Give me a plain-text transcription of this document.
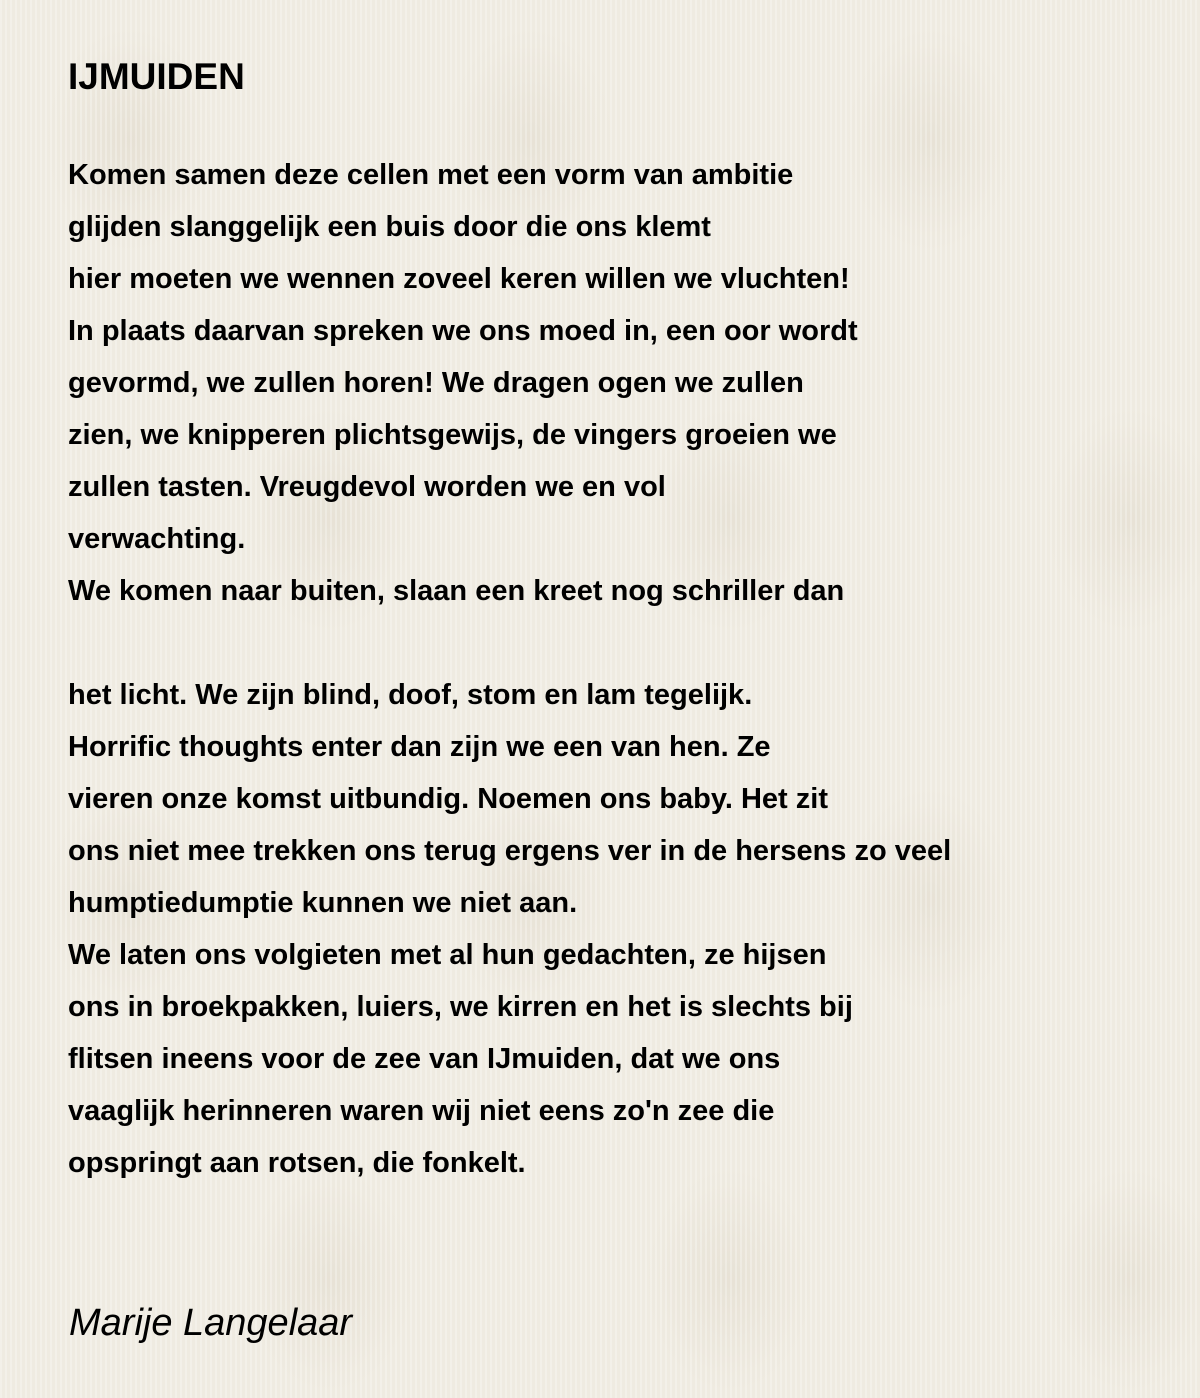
IJMUIDEN
Komen samen deze cellen met een vorm van ambitie
glijden slanggelijk een buis door die ons klemt
hier moeten we wennen zoveel keren willen we vluchten!
In plaats daarvan spreken we ons moed in, een oor wordt
gevormd, we zullen horen! We dragen ogen we zullen
zien, we knipperen plichtsgewijs, de vingers groeien we
zullen tasten. Vreugdevol worden we en vol
verwachting.
We komen naar buiten, slaan een kreet nog schriller dan
het licht. We zijn blind, doof, stom en lam tegelijk.
Horrific thoughts enter dan zijn we een van hen. Ze
vieren onze komst uitbundig. Noemen ons baby. Het zit
ons niet mee trekken ons terug ergens ver in de hersens zo veel
humptiedumptie kunnen we niet aan.
We laten ons volgieten met al hun gedachten, ze hijsen
ons in broekpakken, luiers, we kirren en het is slechts bij
flitsen ineens voor de zee van IJmuiden, dat we ons
vaaglijk herinneren waren wij niet eens zo'n zee die
opspringt aan rotsen, die fonkelt.

Marije Langelaar
